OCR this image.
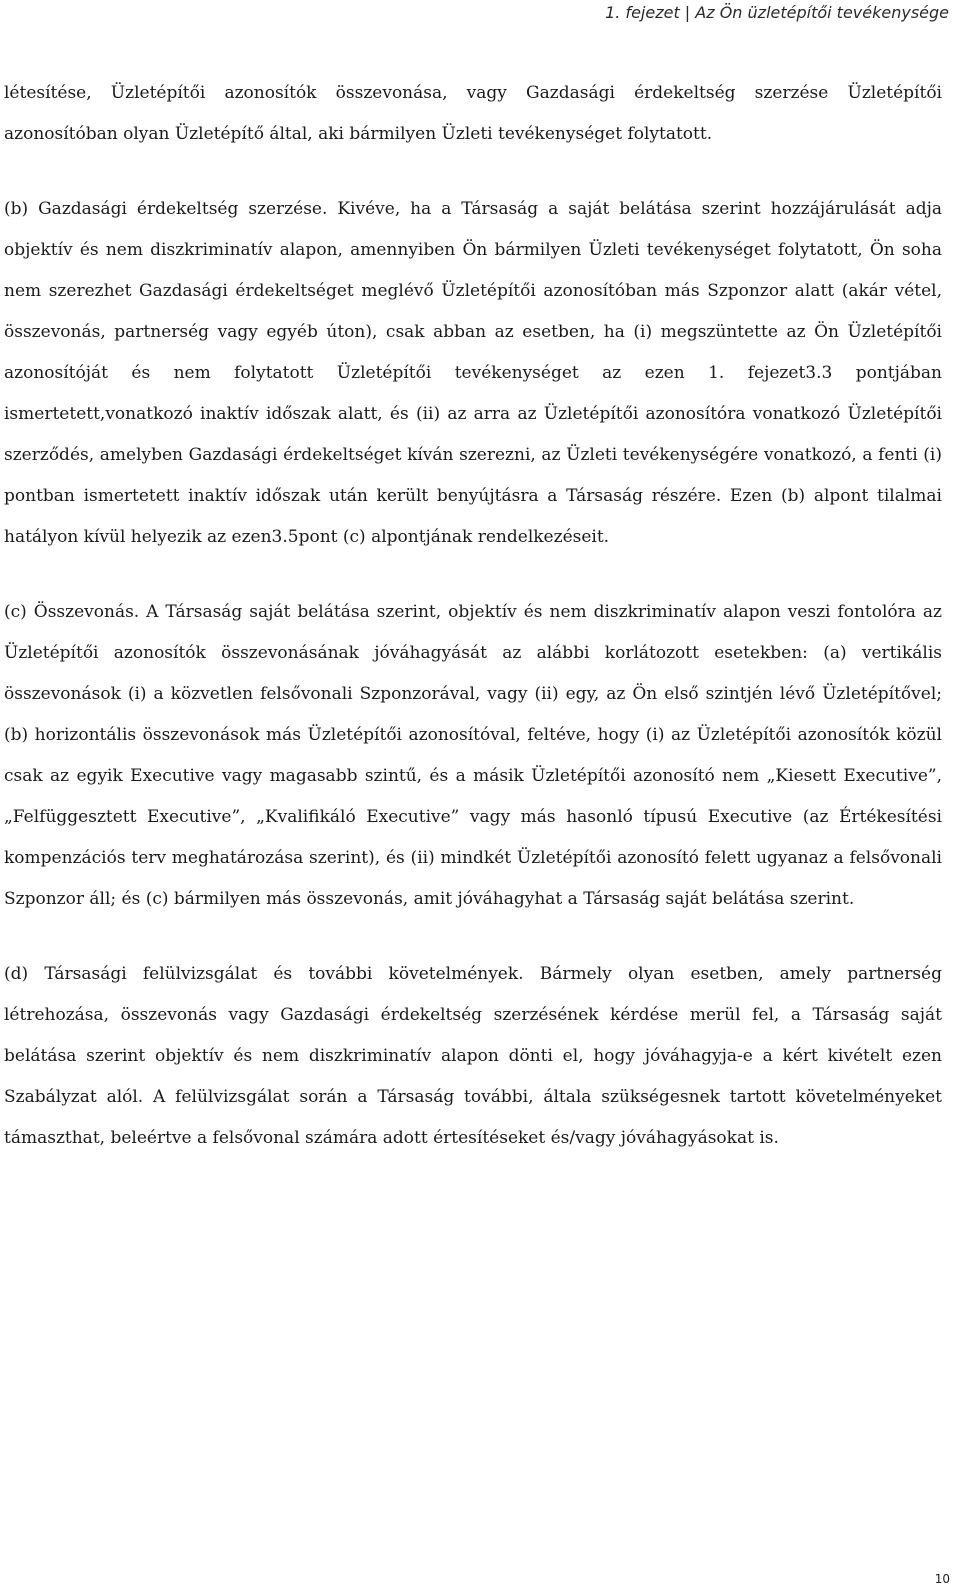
1. fejezet | Az Ön üzletépítői tevékenysége

létesítése, Üzletépítői azonosítók összevonása, vagy Gazdasági érdekeltség szerzése Üzletépítői azonosítóban olyan Üzletépítő által, aki bármilyen Üzleti tevékenységet folytatott.

(b) Gazdasági érdekeltség szerzése. Kivéve, ha a Társaság a saját belátása szerint hozzájárulását adja objektív és nem diszkriminatív alapon, amennyiben Ön bármilyen Üzleti tevékenységet folytatott, Ön soha nem szerezhet Gazdasági érdekeltséget meglévő Üzletépítői azonosítóban más Szponzor alatt (akár vétel, összevonás, partnerség vagy egyéb úton), csak abban az esetben, ha (i) megszüntette az Ön Üzletépítői azonosítóját és nem folytatott Üzletépítői tevékenységet az ezen 1. fejezet3.3 pontjában ismertetett,vonatkozó inaktív időszak alatt, és (ii) az arra az Üzletépítői azonosítóra vonatkozó Üzletépítői szerződés, amelyben Gazdasági érdekeltséget kíván szerezni, az Üzleti tevékenységére vonatkozó, a fenti (i) pontban ismertetett inaktív időszak után került benyújtásra a Társaság részére. Ezen (b) alpont tilalmai hatályon kívül helyezik az ezen3.5pont (c) alpontjának rendelkezéseit.

(c) Összevonás. A Társaság saját belátása szerint, objektív és nem diszkriminatív alapon veszi fontolóra az Üzletépítői azonosítók összevonásának jóváhagyását az alábbi korlátozott esetekben: (a) vertikális összevonások (i) a közvetlen felsővonali Szponzorával, vagy (ii) egy, az Ön első szintjén lévő Üzletépítővel; (b) horizontális összevonások más Üzletépítői azonosítóval, feltéve, hogy (i) az Üzletépítői azonosítók közül csak az egyik Executive vagy magasabb szintű, és a másik Üzletépítői azonosító nem „Kiesett Executive”, „Felfüggesztett Executive”, „Kvalifikáló Executive” vagy más hasonló típusú Executive (az Értékesítési kompenzációs terv meghatározása szerint), és (ii) mindkét Üzletépítői azonosító felett ugyanaz a felsővonali Szponzor áll; és (c) bármilyen más összevonás, amit jóváhagyhat a Társaság saját belátása szerint.

(d) Társasági felülvizsgálat és további követelmények. Bármely olyan esetben, amely partnerség létrehozása, összevonás vagy Gazdasági érdekeltség szerzésének kérdése merül fel, a Társaság saját belátása szerint objektív és nem diszkriminatív alapon dönti el, hogy jóváhagyja-e a kért kivételt ezen Szabályzat alól. A felülvizsgálat során a Társaság további, általa szükségesnek tartott követelményeket támaszthat, beleértve a felsővonal számára adott értesítéseket és/vagy jóváhagyásokat is.

10
